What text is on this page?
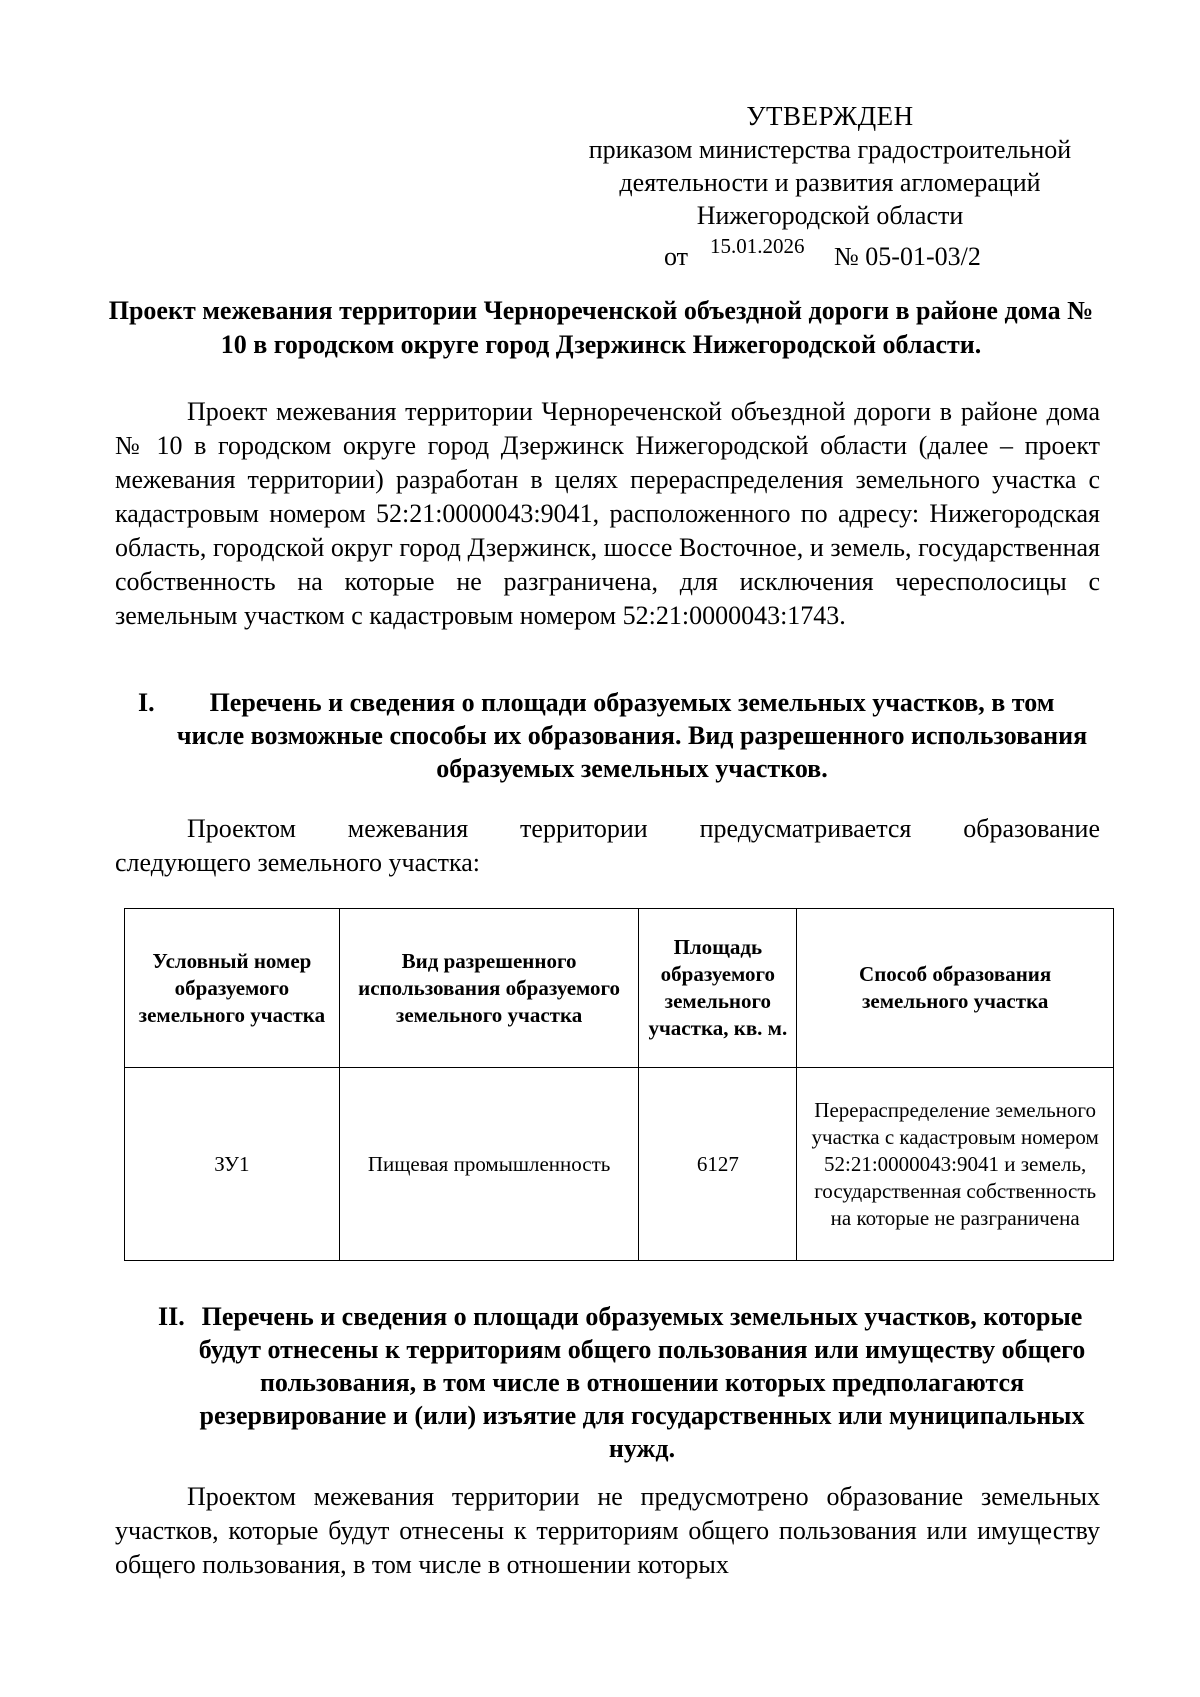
УТВЕРЖДЕН
приказом министерства градостроительной
деятельности и развития агломераций
Нижегородской области
от 15.01.2026 № 05-01-03/2
Проект межевания территории Черноречeнской объездной дороги в районе дома № 10 в городском округе город Дзержинск Нижегородской области.
Проект межевания территории Черноречeнской объездной дороги в районе дома № 10 в городском округе город Дзержинск Нижегородской области (далее – проект межевания территории) разработан в целях перераспределения земельного участка с кадастровым номером 52:21:0000043:9041, расположенного по адресу: Нижегородская область, городской округ город Дзержинск, шоссе Восточное, и земель, государственная собственность на которые не разграничена, для исключения чересполосицы с земельным участком с кадастровым номером 52:21:0000043:1743.
I.	Перечень и сведения о площади образуемых земельных участков, в том числе возможные способы их образования. Вид разрешенного использования образуемых земельных участков.
Проектом межевания территории предусматривается образование
следующего земельного участка:
Условный номер образуемого земельного участка	Вид разрешенного использования образуемого земельного участка	Площадь образуемого земельного участка, кв. м.	Способ образования земельного участка
ЗУ1	Пищевая промышленность	6127	Перераспределение земельного участка с кадастровым номером 52:21:0000043:9041 и земель, государственная собственность на которые не разграничена
II. Перечень и сведения о площади образуемых земельных участков, которые будут отнесены к территориям общего пользования или имуществу общего пользования, в том числе в отношении которых предполагаются резервирование и (или) изъятие для государственных или муниципальных нужд.
Проектом межевания территории не предусмотрено образование земельных участков, которые будут отнесены к территориям общего пользования или имуществу общего пользования, в том числе в отношении которых
